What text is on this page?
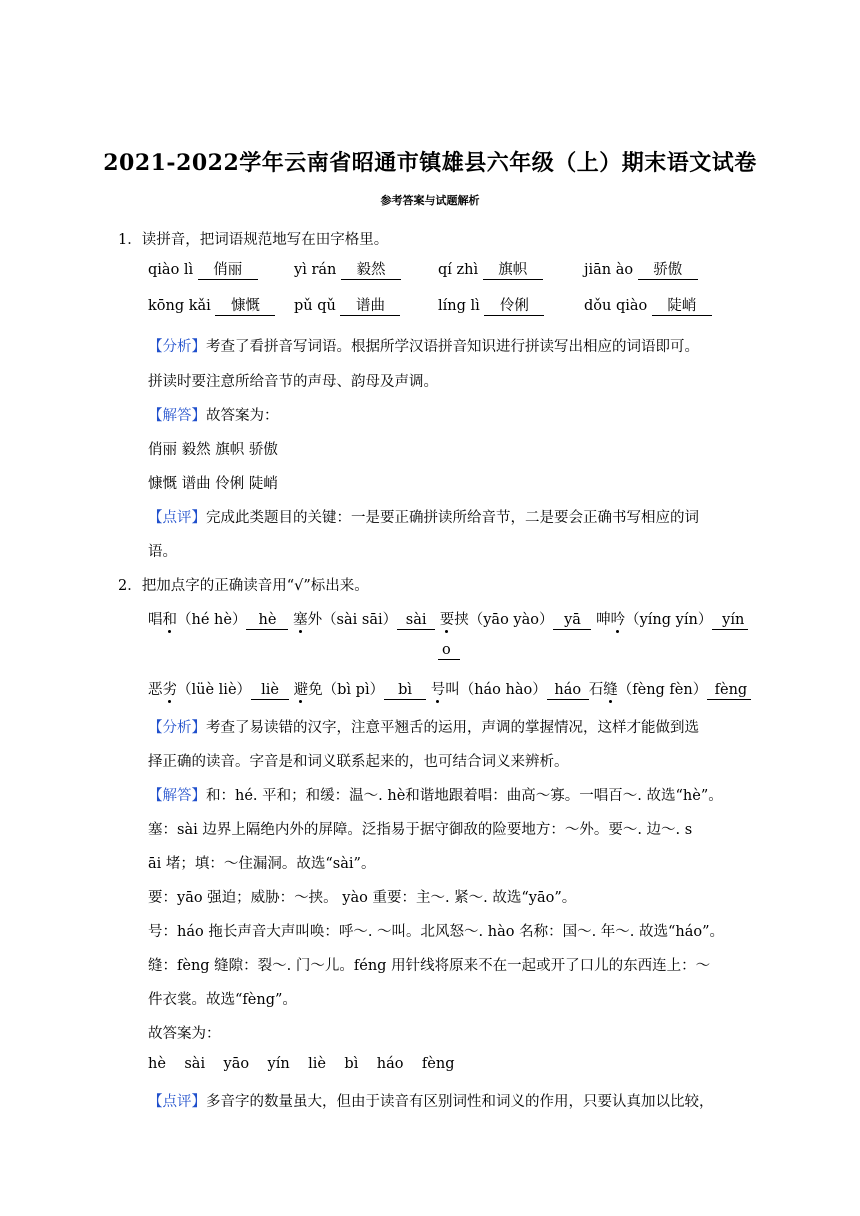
2021-2022学年云南省昭通市镇雄县六年级（上）期末语文试卷
参考答案与试题解析
1．读拼音，把词语规范地写在田字格里。
qiào lì 俏丽	yì rán 毅然	qí zhì 旗帜	jiān ào 骄傲
kōng kǎi 慷慨	pǔ qǔ 谱曲	líng lì 伶俐	dǒu qiào 陡峭
【分析】考查了看拼音写词语。根据所学汉语拼音知识进行拼读写出相应的词语即可。
拼读时要注意所给音节的声母、韵母及声调。
【解答】故答案为：
俏丽 毅然 旗帜 骄傲
慷慨 谱曲 伶俐 陡峭
【点评】完成此类题目的关键：一是要正确拼读所给音节，二是要会正确书写相应的词
语。
2．把加点字的正确读音用“√”标出来。
唱和（hé hè） hè 塞外（sài sāi） sài 要挟（yāo yào） yā 呻吟（yíng yín） yín
o
恶劣（lüè liè） liè 避免（bì pì） bì 号叫（háo hào） háo 石缝（fèng fèn） fèng
【分析】考查了易读错的汉字，注意平翘舌的运用，声调的掌握情况，这样才能做到选
择正确的读音。字音是和词义联系起来的，也可结合词义来辨析。
【解答】和：hé. 平和；和缓：温～. hè和谐地跟着唱：曲高～寡。一唱百～. 故选“hè”。
塞：sài 边界上隔绝内外的屏障。泛指易于据守御敌的险要地方：～外。要～. 边～. s
āi 堵；填：～住漏洞。故选“sài”。
要：yāo 强迫；威胁：～挟。 yào 重要：主～. 紧～. 故选“yāo”。
号：háo 拖长声音大声叫唤：呼～. ～叫。北风怒～. hào 名称：国～. 年～. 故选“háo”。
缝：fèng 缝隙：裂～. 门～儿。féng 用针线将原来不在一起或开了口儿的东西连上：～
件衣裳。故选“fèng”。
故答案为：
hè    sài    yāo    yín    liè    bì    háo    fèng
【点评】多音字的数量虽大，但由于读音有区别词性和词义的作用，只要认真加以比较，
